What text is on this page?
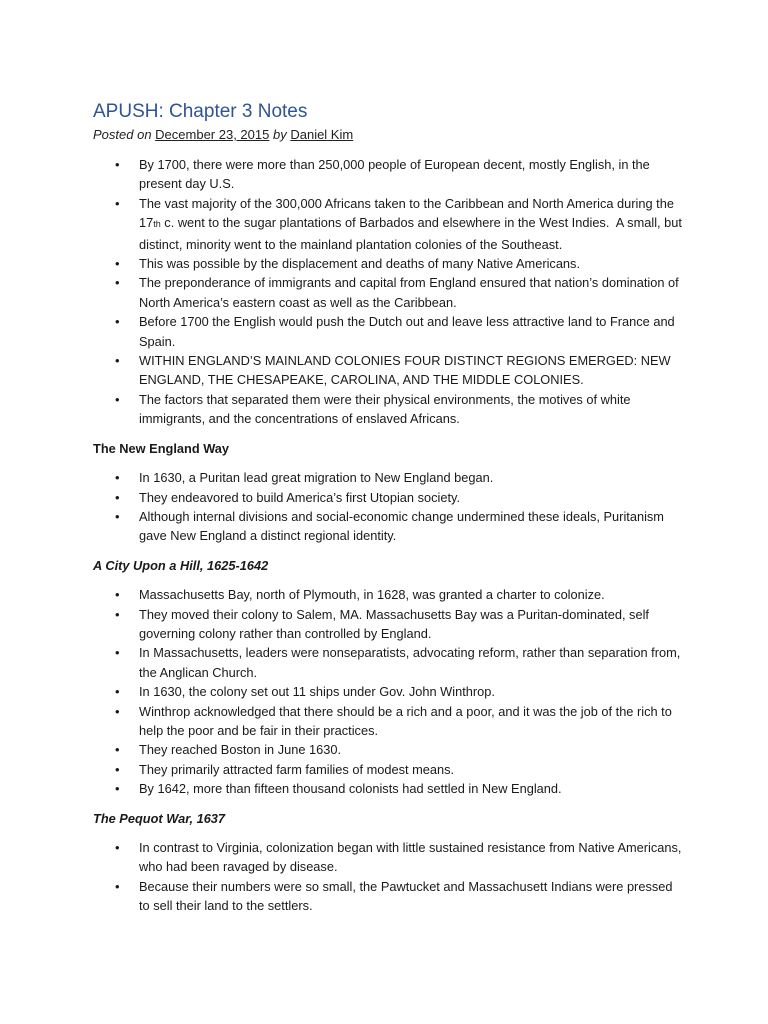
APUSH: Chapter 3 Notes
Posted on December 23, 2015 by Daniel Kim
• By 1700, there were more than 250,000 people of European decent, mostly English, in the present day U.S.
• The vast majority of the 300,000 Africans taken to the Caribbean and North America during the 17th c. went to the sugar plantations of Barbados and elsewhere in the West Indies.  A small, but distinct, minority went to the mainland plantation colonies of the Southeast.
• This was possible by the displacement and deaths of many Native Americans.
• The preponderance of immigrants and capital from England ensured that nation’s domination of North America’s eastern coast as well as the Caribbean.
• Before 1700 the English would push the Dutch out and leave less attractive land to France and Spain.
• WITHIN ENGLAND’S MAINLAND COLONIES FOUR DISTINCT REGIONS EMERGED: NEW ENGLAND, THE CHESAPEAKE, CAROLINA, AND THE MIDDLE COLONIES.
• The factors that separated them were their physical environments, the motives of white immigrants, and the concentrations of enslaved Africans.
The New England Way
• In 1630, a Puritan lead great migration to New England began.
• They endeavored to build America’s first Utopian society.
• Although internal divisions and social-economic change undermined these ideals, Puritanism gave New England a distinct regional identity.
A City Upon a Hill, 1625-1642
• Massachusetts Bay, north of Plymouth, in 1628, was granted a charter to colonize.
• They moved their colony to Salem, MA. Massachusetts Bay was a Puritan-dominated, self governing colony rather than controlled by England.
• In Massachusetts, leaders were nonseparatists, advocating reform, rather than separation from, the Anglican Church.
• In 1630, the colony set out 11 ships under Gov. John Winthrop.
• Winthrop acknowledged that there should be a rich and a poor, and it was the job of the rich to help the poor and be fair in their practices.
• They reached Boston in June 1630.
• They primarily attracted farm families of modest means.
• By 1642, more than fifteen thousand colonists had settled in New England.
The Pequot War, 1637
• In contrast to Virginia, colonization began with little sustained resistance from Native Americans, who had been ravaged by disease.
• Because their numbers were so small, the Pawtucket and Massachusett Indians were pressed to sell their land to the settlers.
